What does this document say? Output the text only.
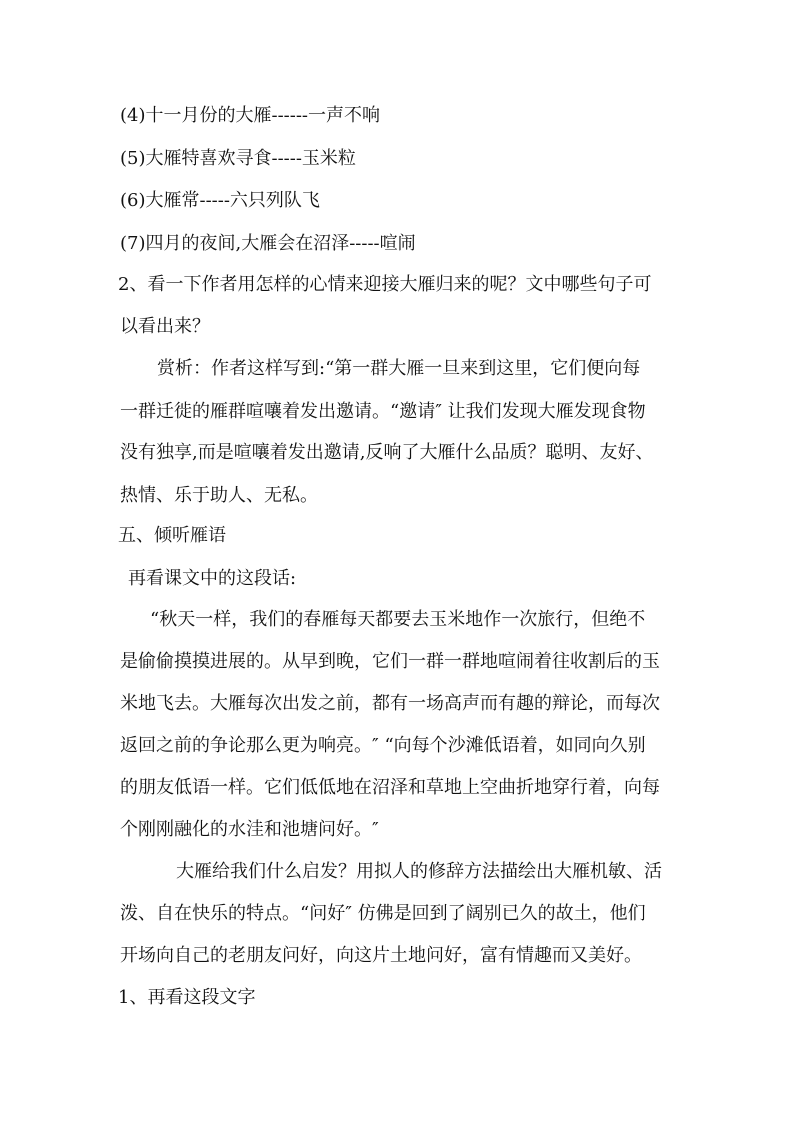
(4)十一月份的大雁------一声不响
(5)大雁特喜欢寻食-----玉米粒
(6)大雁常-----六只列队飞
(7)四月的夜间,大雁会在沼泽-----喧闹
2、看一下作者用怎样的心情来迎接大雁归来的呢？文中哪些句子可
以看出来？
赏析：作者这样写到:“第一群大雁一旦来到这里，它们便向每
一群迁徙的雁群喧嚷着发出邀请。“邀请″ 让我们发现大雁发现食物
没有独享,而是喧嚷着发出邀请,反响了大雁什么品质？聪明、友好、
热情、乐于助人、无私。
五、倾听雁语
再看课文中的这段话:
“秋天一样，我们的春雁每天都要去玉米地作一次旅行，但绝不
是偷偷摸摸进展的。从早到晚，它们一群一群地喧闹着往收割后的玉
米地飞去。大雁每次出发之前，都有一场高声而有趣的辩论，而每次
返回之前的争论那么更为响亮。″ “向每个沙滩低语着，如同向久别
的朋友低语一样。它们低低地在沼泽和草地上空曲折地穿行着，向每
个刚刚融化的水洼和池塘问好。″
大雁给我们什么启发？用拟人的修辞方法描绘出大雁机敏、活
泼、自在快乐的特点。“问好″ 仿佛是回到了阔别已久的故土，他们
开场向自己的老朋友问好，向这片土地问好，富有情趣而又美好。
1、再看这段文字
